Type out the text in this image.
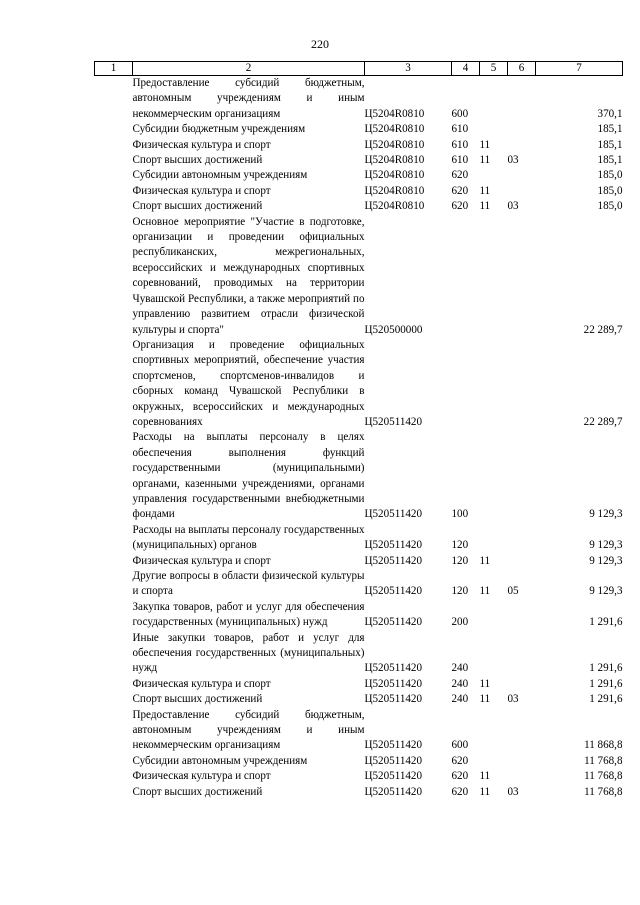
220
1	2	3	4	5	6	7
	Предоставление субсидий бюджетным, автономным учреждениям и иным некоммерческим организациям	Ц5204R0810	600			370,1
	Субсидии бюджетным учреждениям	Ц5204R0810	610			185,1
	Физическая культура и спорт	Ц5204R0810	610	11		185,1
	Спорт высших достижений	Ц5204R0810	610	11	03	185,1
	Субсидии автономным учреждениям	Ц5204R0810	620			185,0
	Физическая культура и спорт	Ц5204R0810	620	11		185,0
	Спорт высших достижений	Ц5204R0810	620	11	03	185,0
	Основное мероприятие "Участие в подготовке, организации и проведении официальных республиканских, межрегиональных, всероссийских и международных спортивных соревнований, проводимых на территории Чувашской Республики, а также мероприятий по управлению развитием отрасли физической культуры и спорта"	Ц520500000				22 289,7
	Организация и проведение официальных спортивных мероприятий, обеспечение участия спортсменов, спортсменов-инвалидов и сборных команд Чувашской Республики в окружных, всероссийских и международных соревнованиях	Ц520511420				22 289,7
	Расходы на выплаты персоналу в целях обеспечения выполнения функций государственными (муниципальными) органами, казенными учреждениями, органами управления государственными внебюджетными фондами	Ц520511420	100			9 129,3
	Расходы на выплаты персоналу государственных (муниципальных) органов	Ц520511420	120			9 129,3
	Физическая культура и спорт	Ц520511420	120	11		9 129,3
	Другие вопросы в области физической культуры и спорта	Ц520511420	120	11	05	9 129,3
	Закупка товаров, работ и услуг для обеспечения государственных (муниципальных) нужд	Ц520511420	200			1 291,6
	Иные закупки товаров, работ и услуг для обеспечения государственных (муниципальных) нужд	Ц520511420	240			1 291,6
	Физическая культура и спорт	Ц520511420	240	11		1 291,6
	Спорт высших достижений	Ц520511420	240	11	03	1 291,6
	Предоставление субсидий бюджетным, автономным учреждениям и иным некоммерческим организациям	Ц520511420	600			11 868,8
	Субсидии автономным учреждениям	Ц520511420	620			11 768,8
	Физическая культура и спорт	Ц520511420	620	11		11 768,8
	Спорт высших достижений	Ц520511420	620	11	03	11 768,8
